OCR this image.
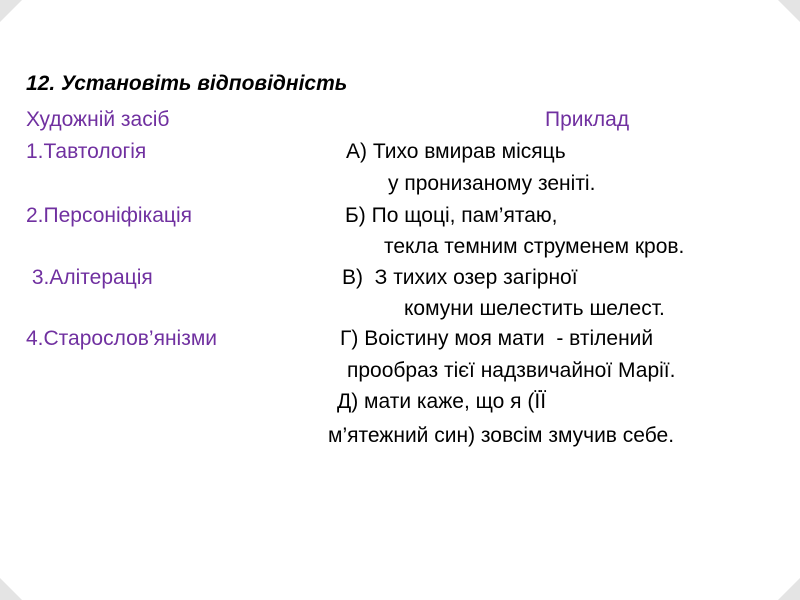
12. Установіть відповідність
Художній засіб	Приклад
1.Тавтологія
2.Персоніфікація
3.Алітерація
4.Старослов’янізми
А) Тихо вмирав місяць
у пронизаному зеніті.
Б) По щоці, пам’ятаю,
текла темним струменем кров.
В)  З тихих озер загірної
комуни шелестить шелест.
Г) Воістину моя мати  - втілений
прообраз тієї надзвичайної Марії.
Д) мати каже, що я (ЇЇ
м’ятежний син) зовсім змучив себе.
